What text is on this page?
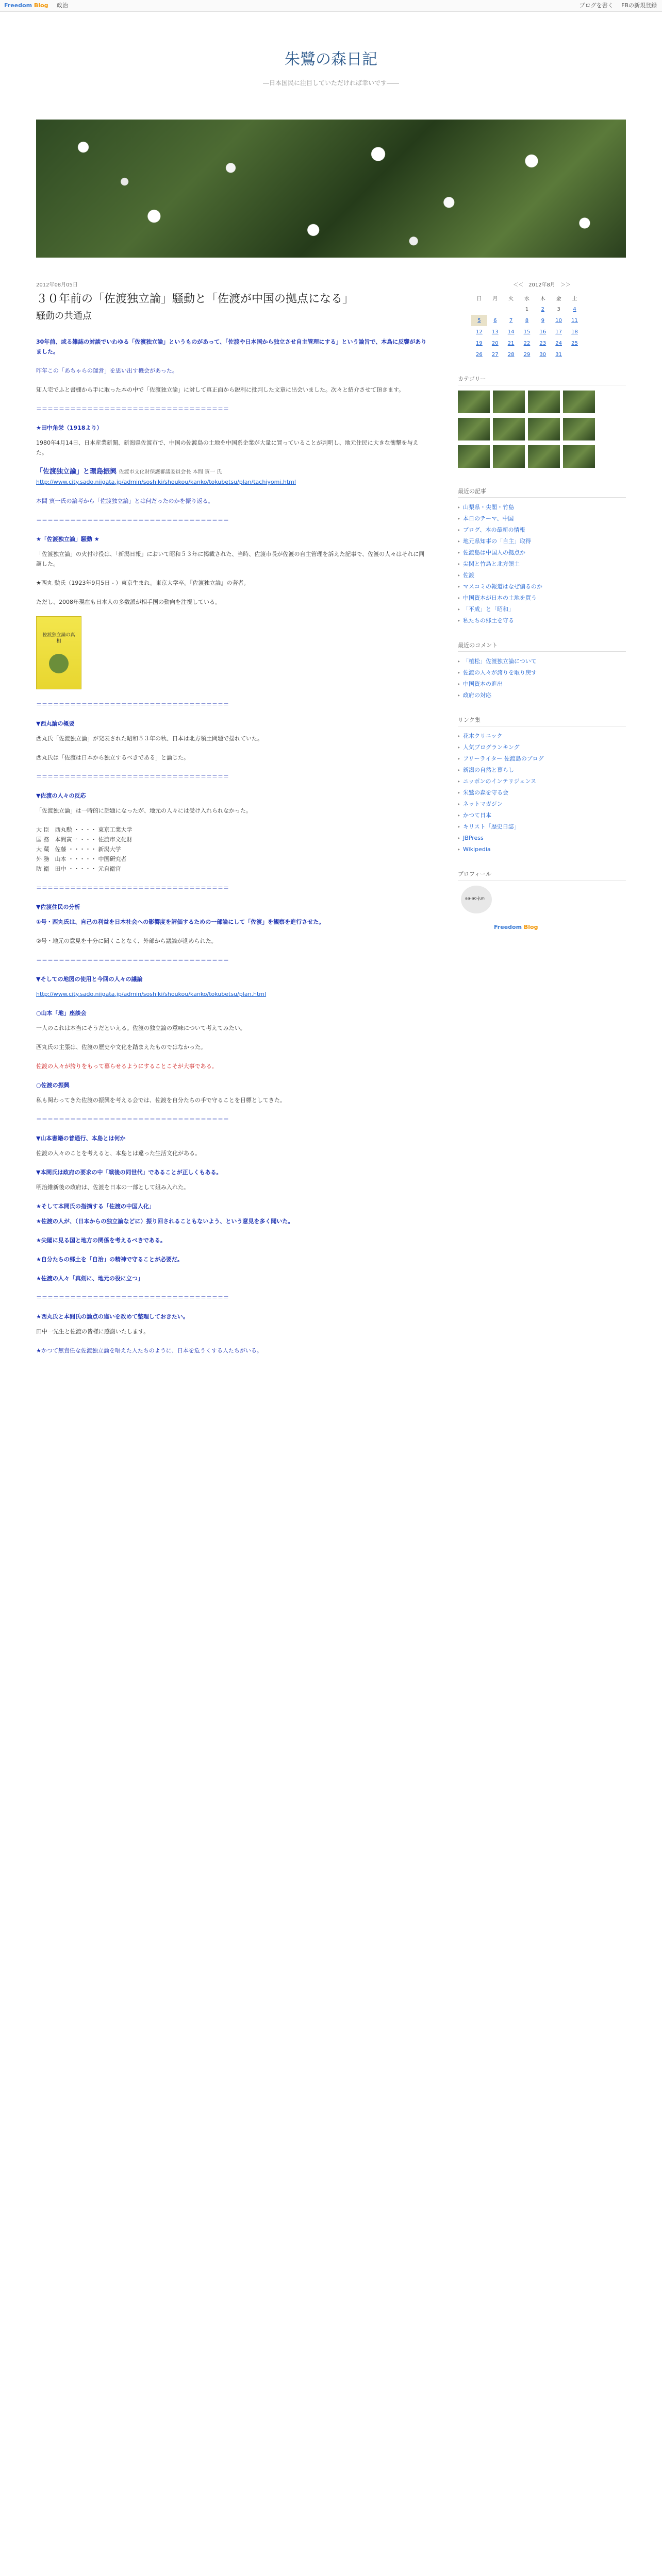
Freedom Blog 政治	ブログを書く FBの新規登録
朱鷺の森日記
―日本国民に注目していただければ幸いです――
2012年08月05日
３０年前の「佐渡独立論」騒動と「佐渡が中国の拠点になる」
騒動の共通点

30年前、或る雑誌の対談でいわゆる「佐渡独立論」というものがあって、「佐渡や日本国から独立させ自主管理にする」という論旨で、本島に反響がありました。

昨年この「あちゃらの運営」を思い出す機会があった。

知人宅でふと書棚から手に取った本の中で「佐渡独立論」に対して真正面から鋭利に批判した文章に出会いました。次々と紹介させて頂きます。

＝＝＝＝＝＝＝＝＝＝＝＝＝＝＝＝＝＝＝＝＝＝＝＝＝＝＝＝＝＝＝＝＝＝
★田中角栄（1918より）

1980年4月14日、日本産業新聞、新潟県佐渡市で、中国の佐渡島の土地を中国系企業が大量に買っていることが判明し、地元住民に大きな衝撃を与えた。

「佐渡独立論」と環島振興 佐渡市文化財保護審議委員会長 本間 寅一 氏

http://www.city.sado.niigata.jp/admin/soshiki/shoukou/kanko/tokubetsu/plan/tachiyomi.html

本間 寅一氏の論考から「佐渡独立論」とは何だったのかを振り返る。

＝＝＝＝＝＝＝＝＝＝＝＝＝＝＝＝＝＝＝＝＝＝＝＝＝＝＝＝＝＝＝＝＝＝
★「佐渡独立論」騒動 ★

「佐渡独立論」の火付け役は、「新潟日報」において昭和５３年に掲載された、当時、佐渡市長が佐渡の自主管理を訴えた記事で、佐渡の人々はそれに同調した。

★西丸 勲氏（1923年9月5日 - ）東京生まれ。東京大学卒。『佐渡独立論』の著者。

ただし、2008年現在も日本人の多数派が相手国の動向を注視している。

佐渡独立論の真相
＝＝＝＝＝＝＝＝＝＝＝＝＝＝＝＝＝＝＝＝＝＝＝＝＝＝＝＝＝＝＝＝＝＝
▼西丸論の概要

西丸氏「佐渡独立論」が発表された昭和５３年の秋、日本は北方領土問題で揺れていた。

西丸氏は「佐渡は日本から独立するべきである」と論じた。

＝＝＝＝＝＝＝＝＝＝＝＝＝＝＝＝＝＝＝＝＝＝＝＝＝＝＝＝＝＝＝＝＝＝
▼佐渡の人々の反応

「佐渡独立論」は一時的に話題になったが、地元の人々には受け入れられなかった。

大 臣　西丸勲 ・・・・ 東京工業大学
国 務　本間寅一 ・・・ 佐渡市文化財
大 蔵　佐藤 ・・・・・ 新潟大学
外 務　山本 ・・・・・ 中国研究者
防 衛　田中 ・・・・・ 元自衛官
＝＝＝＝＝＝＝＝＝＝＝＝＝＝＝＝＝＝＝＝＝＝＝＝＝＝＝＝＝＝＝＝＝＝
▼佐渡住民の分析

①号・西丸氏は、自己の利益を日本社会への影響度を評価するための一部論にして「佐渡」を観察を進行させた。

②号・地元の意見を十分に聞くことなく、外部から議論が進められた。

＝＝＝＝＝＝＝＝＝＝＝＝＝＝＝＝＝＝＝＝＝＝＝＝＝＝＝＝＝＝＝＝＝＝
▼そしての地図の使用と今回の人々の議論

http://www.city.sado.niigata.jp/admin/soshiki/shoukou/kanko/tokubetsu/plan.html

○山本「地」座談会

一人のこれは本当にそうだといえる。佐渡の独立論の意味について考えてみたい。

西丸氏の主張は、佐渡の歴史や文化を踏まえたものではなかった。

佐渡の人々が誇りをもって暮らせるようにすることこそが大事である。

○佐渡の振興

私も関わってきた佐渡の振興を考える会では、佐渡を自分たちの手で守ることを目標としてきた。

＝＝＝＝＝＝＝＝＝＝＝＝＝＝＝＝＝＝＝＝＝＝＝＝＝＝＝＝＝＝＝＝＝＝
▼山本書籍の普通行、本島とは何か

佐渡の人々のことを考えると、本島とは違った生活文化がある。

▼本間氏は政府の要求の中「戦後の同世代」であることが正しくもある。

明治維新後の政府は、佐渡を日本の一部として組み入れた。

★そして本間氏の指摘する「佐渡の中国人化」

★佐渡の人が、（日本からの独立論などに）振り回されることもないよう、という意見を多く聞いた。

★尖閣に見る国と地方の関係を考えるべきである。

★自分たちの郷土を「自治」の精神で守ることが必要だ。

★佐渡の人々「真剣に、地元の役に立つ」

＝＝＝＝＝＝＝＝＝＝＝＝＝＝＝＝＝＝＝＝＝＝＝＝＝＝＝＝＝＝＝＝＝＝
★西丸氏と本間氏の論点の違いを改めて整理しておきたい。

田中一先生と佐渡の皆様に感謝いたします。

★かつて無責任な佐渡独立論を唱えた人たちのように、日本を危うくする人たちがいる。

＜＜　2012年8月　＞＞
日	月	火	水	木	金	土
			1	2	3	4
5	6	7	8	9	10	11
12	13	14	15	16	17	18
19	20	21	22	23	24	25
26	27	28	29	30	31	
カテゴリー

最近の記事
▸ 山梨県・尖閣・竹島
▸ 本日のテーマ、中国
▸ ブログ、本の最新の情報
▸ 地元県知事の「自主」取得
▸ 佐渡島は中国人の拠点か
▸ 尖閣と竹島と北方領土
▸ 佐渡
▸ マスコミの報道はなぜ偏るのか
▸ 中国資本が日本の土地を買う
▸ 「平成」と「昭和」
▸ 私たちの郷土を守る
最近のコメント
▸ 「植松」佐渡独立論について
▸ 佐渡の人々が誇りを取り戻す
▸ 中国資本の進出
▸ 政府の対応
リンク集
▸ 花木クリニック
▸ 人気ブログランキング
▸ フリーライター 佐渡島のブログ
▸ 新潟の自然と暮らし
▸ ニッポンのインテリジェンス
▸ 朱鷺の森を守る会
▸ ネットマガジン
▸ かつて日本
▸ キリスト「歴史日誌」
▸ JBPress
▸ Wikipedia
プロフィール
aa-ao-jun
Freedom Blog
